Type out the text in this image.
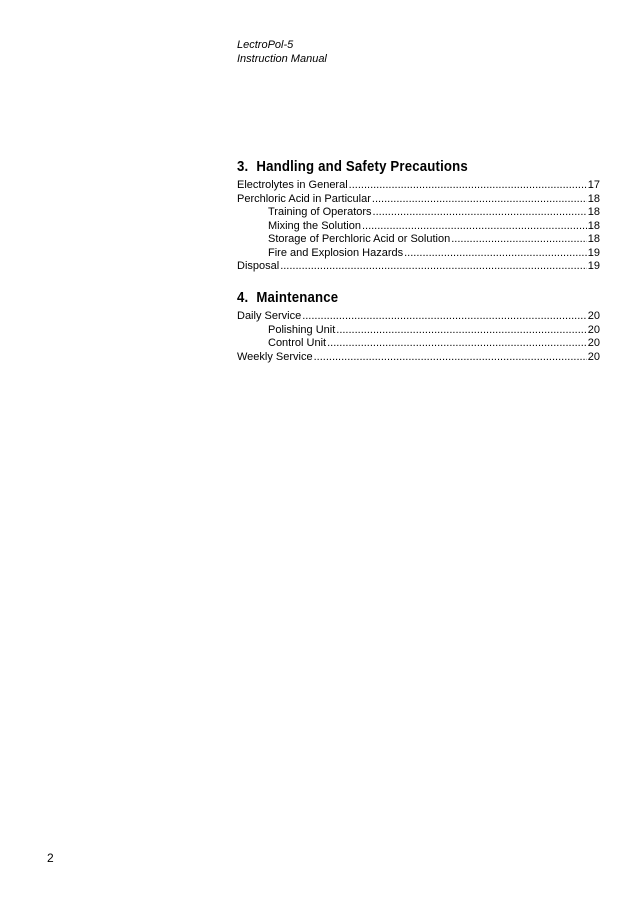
LectroPol-5
Instruction Manual
3. Handling and Safety Precautions
Electrolytes in General .....	17
Perchloric Acid in Particular .....	18
Training of Operators .....	18
Mixing the Solution .....	18
Storage of Perchloric Acid or Solution .....	18
Fire and Explosion Hazards .....	19
Disposal .....	19
4. Maintenance
Daily Service .....	20
Polishing Unit .....	20
Control Unit .....	20
Weekly Service .....	20
2
